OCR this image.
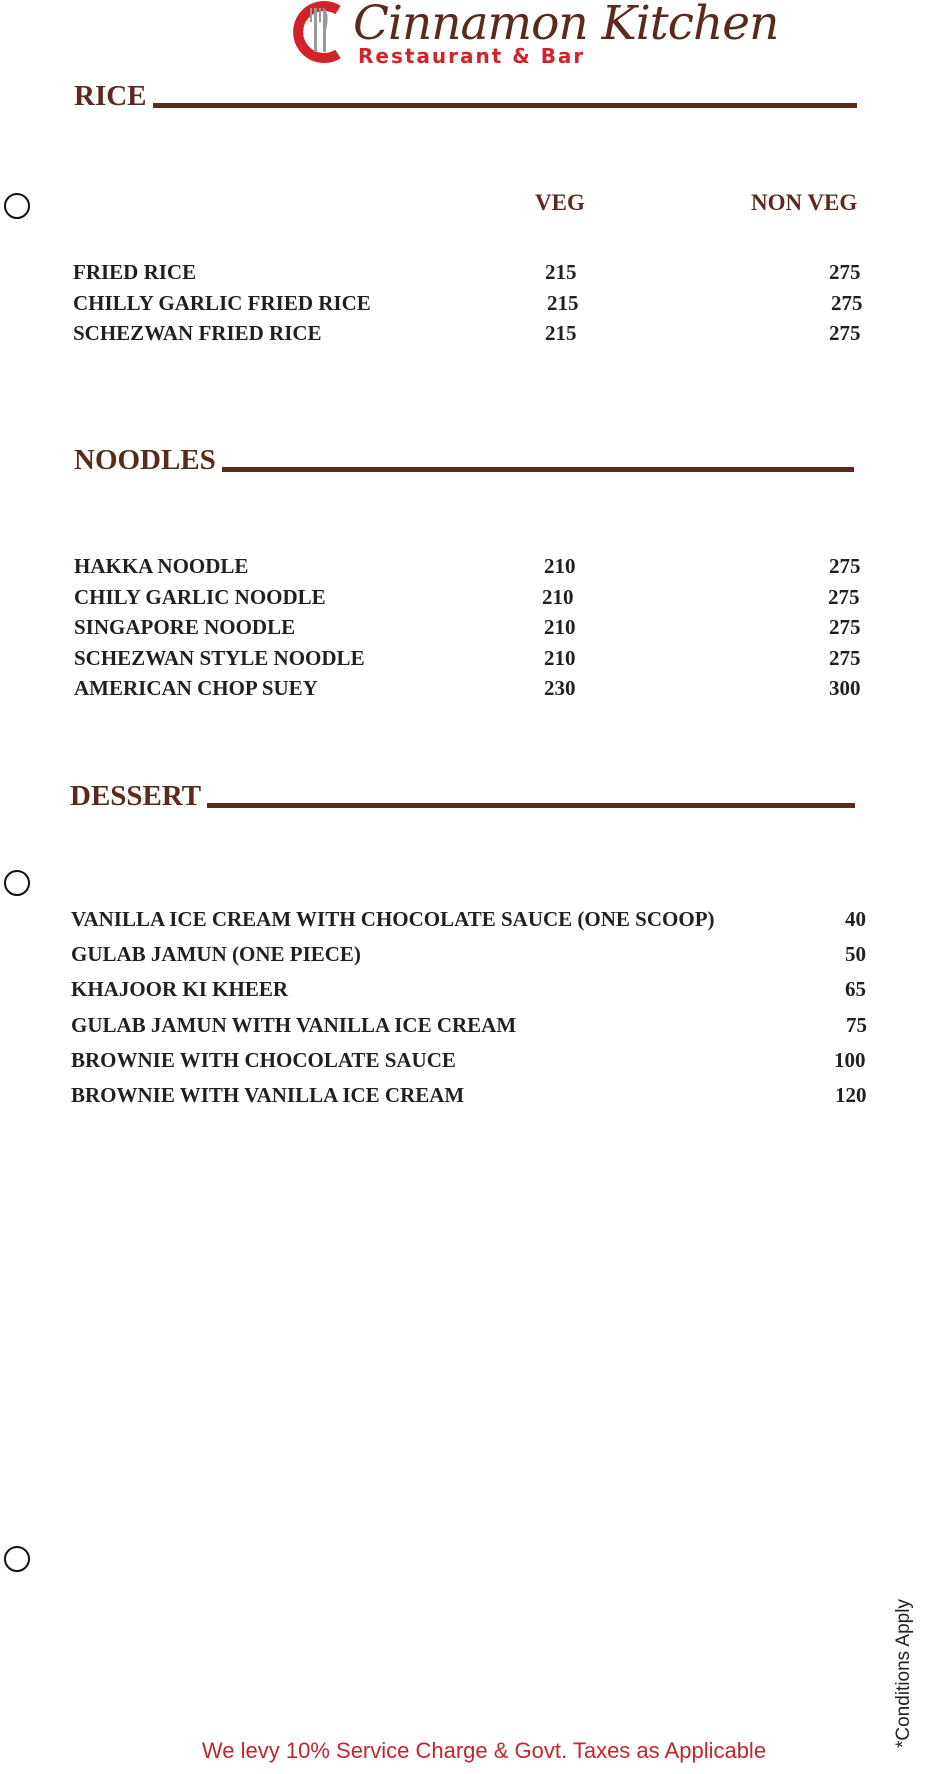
Cinnamon Kitchen
Restaurant & Bar
RICE
VEG	NON VEG
FRIED RICE	215	275
CHILLY GARLIC FRIED RICE	215	275
SCHEZWAN FRIED RICE	215	275
NOODLES
HAKKA NOODLE	210	275
CHILY GARLIC NOODLE	210	275
SINGAPORE NOODLE	210	275
SCHEZWAN STYLE NOODLE	210	275
AMERICAN CHOP SUEY	230	300
DESSERT
VANILLA ICE CREAM WITH CHOCOLATE SAUCE (ONE SCOOP)	40
GULAB JAMUN (ONE PIECE)	50
KHAJOOR KI KHEER	65
GULAB JAMUN WITH VANILLA ICE CREAM	75
BROWNIE WITH CHOCOLATE SAUCE	100
BROWNIE WITH VANILLA ICE CREAM	120
We levy 10% Service Charge & Govt. Taxes as Applicable
*Conditions Apply
